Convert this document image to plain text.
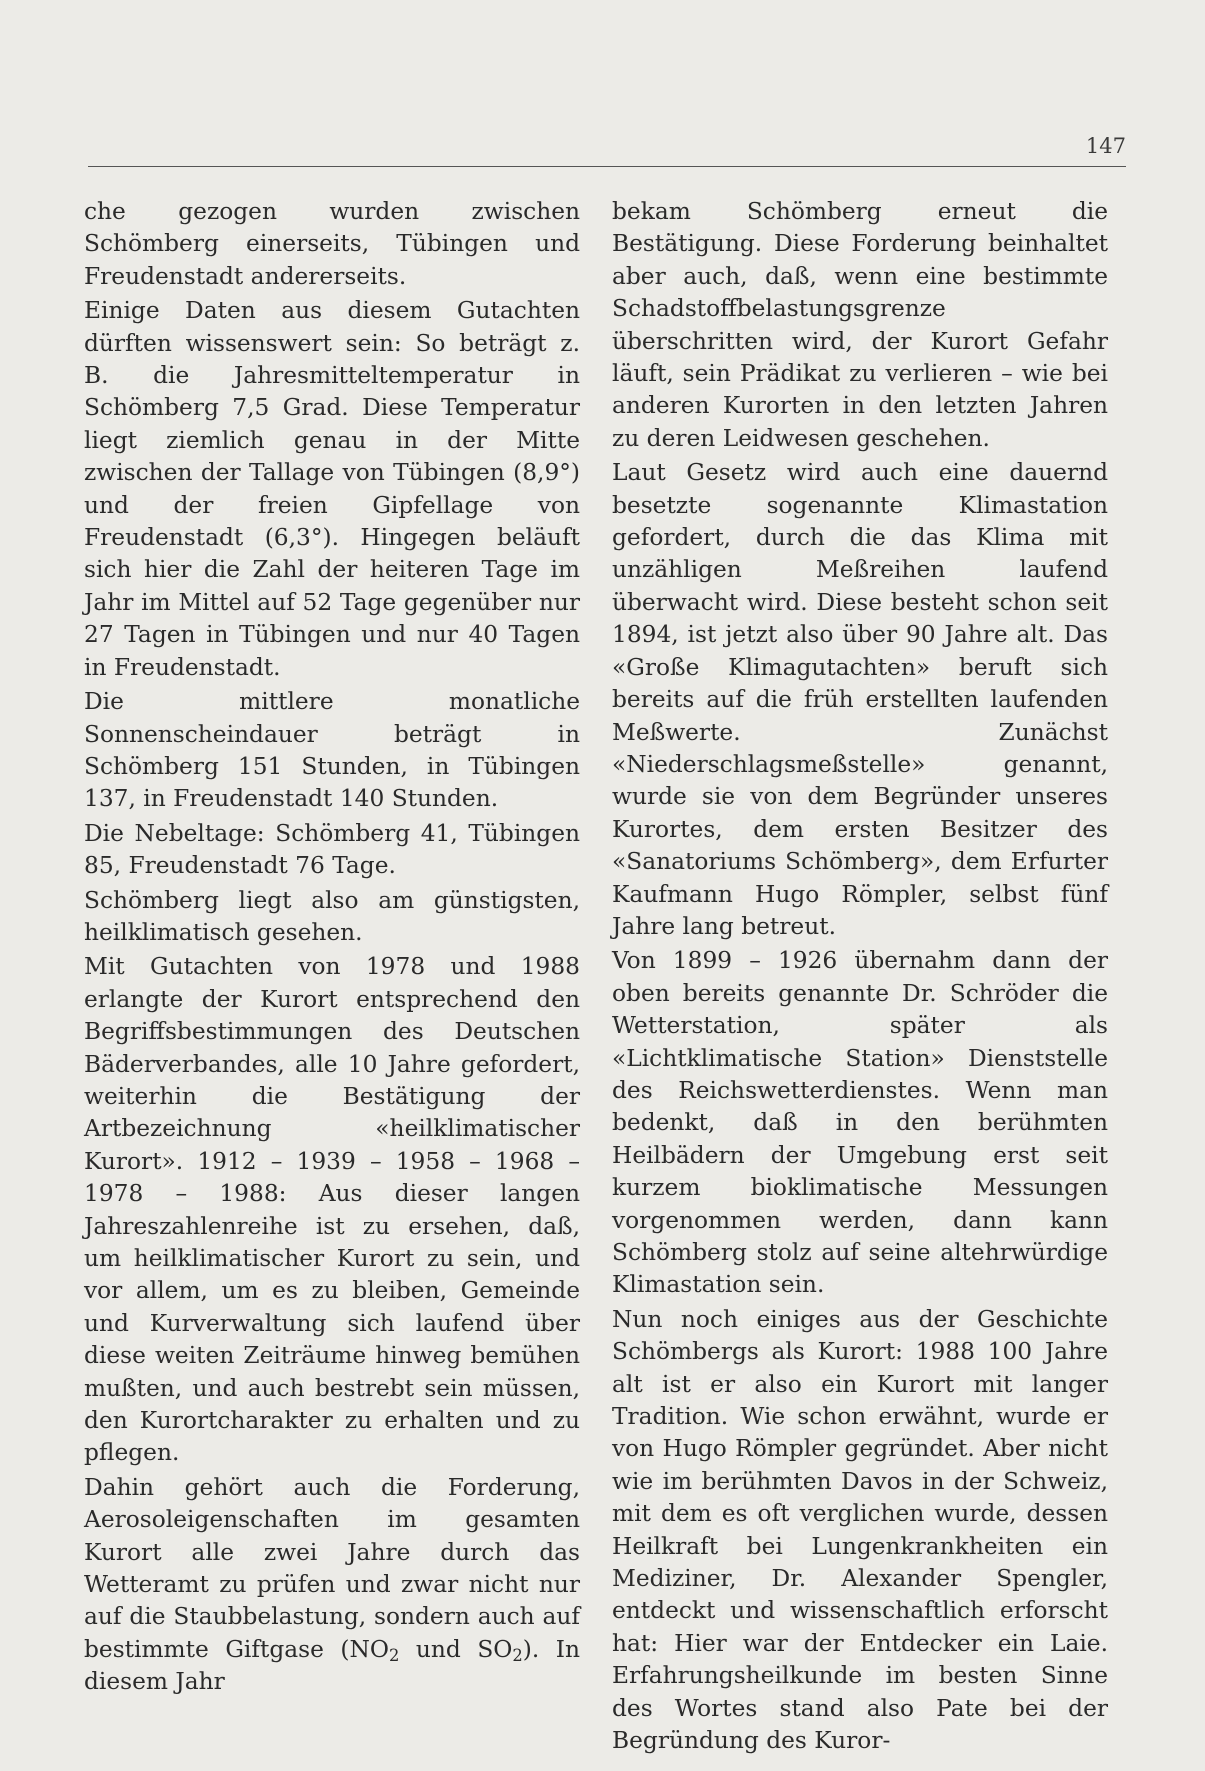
147

che gezogen wurden zwischen Schömberg einerseits, Tübingen und Freudenstadt andererseits.

Einige Daten aus diesem Gutachten dürften wissenswert sein: So beträgt z. B. die Jahresmitteltemperatur in Schömberg 7,5 Grad. Diese Temperatur liegt ziemlich genau in der Mitte zwischen der Tallage von Tübingen (8,9°) und der freien Gipfellage von Freudenstadt (6,3°). Hingegen beläuft sich hier die Zahl der heiteren Tage im Jahr im Mittel auf 52 Tage gegenüber nur 27 Tagen in Tübingen und nur 40 Tagen in Freudenstadt.

Die mittlere monatliche Sonnenscheindauer beträgt in Schömberg 151 Stunden, in Tübingen 137, in Freudenstadt 140 Stunden.

Die Nebeltage: Schömberg 41, Tübingen 85, Freudenstadt 76 Tage.

Schömberg liegt also am günstigsten, heilklimatisch gesehen.

Mit Gutachten von 1978 und 1988 erlangte der Kurort entsprechend den Begriffsbestimmungen des Deutschen Bäderverbandes, alle 10 Jahre gefordert, weiterhin die Bestätigung der Artbezeichnung «heilklimatischer Kurort». 1912 – 1939 – 1958 – 1968 – 1978 – 1988: Aus dieser langen Jahreszahlenreihe ist zu ersehen, daß, um heilklimatischer Kurort zu sein, und vor allem, um es zu bleiben, Gemeinde und Kurverwaltung sich laufend über diese weiten Zeiträume hinweg bemühen mußten, und auch bestrebt sein müssen, den Kurortcharakter zu erhalten und zu pflegen.

Dahin gehört auch die Forderung, Aerosoleigenschaften im gesamten Kurort alle zwei Jahre durch das Wetteramt zu prüfen und zwar nicht nur auf die Staubbelastung, sondern auch auf bestimmte Giftgase ($NO_2$ und $SO_2$). In diesem Jahr

bekam Schömberg erneut die Bestätigung. Diese Forderung beinhaltet aber auch, daß, wenn eine bestimmte Schadstoffbelastungsgrenze überschritten wird, der Kurort Gefahr läuft, sein Prädikat zu verlieren – wie bei anderen Kurorten in den letzten Jahren zu deren Leidwesen geschehen.

Laut Gesetz wird auch eine dauernd besetzte sogenannte Klimastation gefordert, durch die das Klima mit unzähligen Meßreihen laufend überwacht wird. Diese besteht schon seit 1894, ist jetzt also über 90 Jahre alt. Das «Große Klimagutachten» beruft sich bereits auf die früh erstellten laufenden Meßwerte. Zunächst «Niederschlagsmeßstelle» genannt, wurde sie von dem Begründer unseres Kurortes, dem ersten Besitzer des «Sanatoriums Schömberg», dem Erfurter Kaufmann Hugo Römpler, selbst fünf Jahre lang betreut.

Von 1899 – 1926 übernahm dann der oben bereits genannte Dr. Schröder die Wetterstation, später als «Lichtklimatische Station» Dienststelle des Reichswetterdienstes. Wenn man bedenkt, daß in den berühmten Heilbädern der Umgebung erst seit kurzem bioklimatische Messungen vorgenommen werden, dann kann Schömberg stolz auf seine altehrwürdige Klimastation sein.

Nun noch einiges aus der Geschichte Schömbergs als Kurort: 1988 100 Jahre alt ist er also ein Kurort mit langer Tradition. Wie schon erwähnt, wurde er von Hugo Römpler gegründet. Aber nicht wie im berühmten Davos in der Schweiz, mit dem es oft verglichen wurde, dessen Heilkraft bei Lungenkrankheiten ein Mediziner, Dr. Alexander Spengler, entdeckt und wissenschaftlich erforscht hat: Hier war der Entdecker ein Laie. Erfahrungsheilkunde im besten Sinne des Wortes stand also Pate bei der Begründung des Kuror-
